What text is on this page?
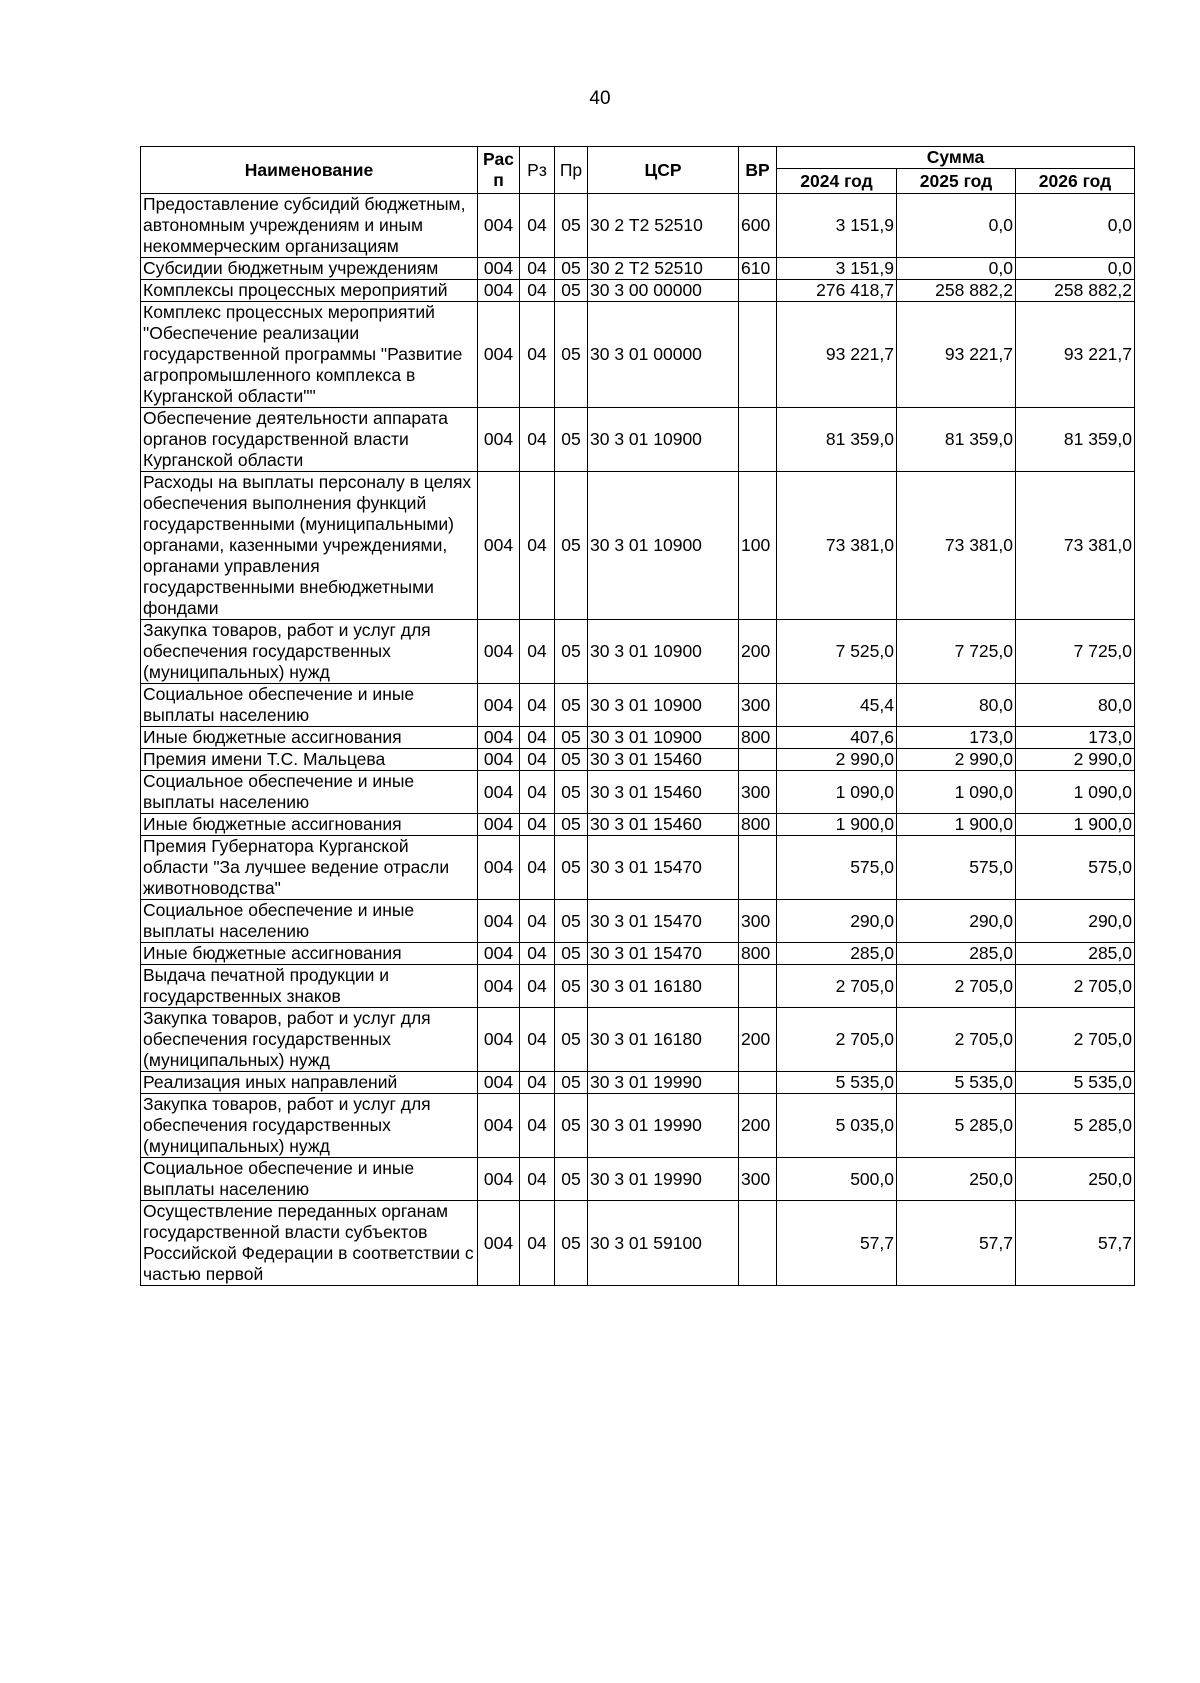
40
Наименование	Рас п	Рз	Пр	ЦСР	ВР	Сумма		
						2024 год	2025 год	2026 год
Предоставление субсидий бюджетным, автономным учреждениям и иным некоммерческим организациям	004	04	05	30 2 Т2 52510	600	3 151,9	0,0	0,0
Субсидии бюджетным учреждениям	004	04	05	30 2 Т2 52510	610	3 151,9	0,0	0,0
Комплексы процессных мероприятий	004	04	05	30 3 00 00000		276 418,7	258 882,2	258 882,2
Комплекс процессных мероприятий "Обеспечение реализации государственной программы "Развитие агропромышленного комплекса в Курганской области""	004	04	05	30 3 01 00000		93 221,7	93 221,7	93 221,7
Обеспечение деятельности аппарата органов государственной власти Курганской области	004	04	05	30 3 01 10900		81 359,0	81 359,0	81 359,0
Расходы на выплаты персоналу в целях обеспечения выполнения функций государственными (муниципальными) органами, казенными учреждениями, органами управления государственными внебюджетными фондами	004	04	05	30 3 01 10900	100	73 381,0	73 381,0	73 381,0
Закупка товаров, работ и услуг для обеспечения государственных (муниципальных) нужд	004	04	05	30 3 01 10900	200	7 525,0	7 725,0	7 725,0
Социальное обеспечение и иные выплаты населению	004	04	05	30 3 01 10900	300	45,4	80,0	80,0
Иные бюджетные ассигнования	004	04	05	30 3 01 10900	800	407,6	173,0	173,0
Премия имени Т.С. Мальцева	004	04	05	30 3 01 15460		2 990,0	2 990,0	2 990,0
Социальное обеспечение и иные выплаты населению	004	04	05	30 3 01 15460	300	1 090,0	1 090,0	1 090,0
Иные бюджетные ассигнования	004	04	05	30 3 01 15460	800	1 900,0	1 900,0	1 900,0
Премия Губернатора Курганской области "За лучшее ведение отрасли животноводства"	004	04	05	30 3 01 15470		575,0	575,0	575,0
Социальное обеспечение и иные выплаты населению	004	04	05	30 3 01 15470	300	290,0	290,0	290,0
Иные бюджетные ассигнования	004	04	05	30 3 01 15470	800	285,0	285,0	285,0
Выдача печатной продукции и государственных знаков	004	04	05	30 3 01 16180		2 705,0	2 705,0	2 705,0
Закупка товаров, работ и услуг для обеспечения государственных (муниципальных) нужд	004	04	05	30 3 01 16180	200	2 705,0	2 705,0	2 705,0
Реализация иных направлений	004	04	05	30 3 01 19990		5 535,0	5 535,0	5 535,0
Закупка товаров, работ и услуг для обеспечения государственных (муниципальных) нужд	004	04	05	30 3 01 19990	200	5 035,0	5 285,0	5 285,0
Социальное обеспечение и иные выплаты населению	004	04	05	30 3 01 19990	300	500,0	250,0	250,0
Осуществление переданных органам государственной власти субъектов Российской Федерации в соответствии с частью первой	004	04	05	30 3 01 59100		57,7	57,7	57,7
